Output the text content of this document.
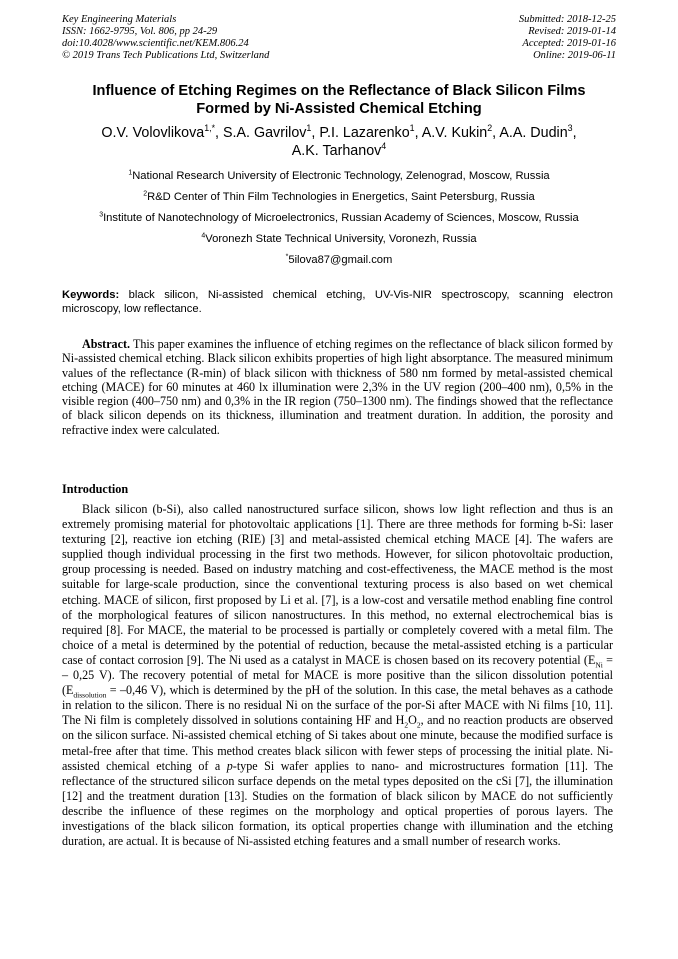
Key Engineering Materials
ISSN: 1662-9795, Vol. 806, pp 24-29
doi:10.4028/www.scientific.net/KEM.806.24
© 2019 Trans Tech Publications Ltd, Switzerland
Submitted: 2018-12-25
Revised: 2019-01-14
Accepted: 2019-01-16
Online: 2019-06-11
Influence of Etching Regimes on the Reflectance of Black Silicon Films
Formed by Ni-Assisted Chemical Etching
O.V. Volovlikova$^{1,*}$, S.A. Gavrilov$^1$, P.I. Lazarenko$^1$, A.V. Kukin$^2$, A.A. Dudin$^3$,
A.K. Tarhanov$^4$
$^1$National Research University of Electronic Technology, Zelenograd, Moscow, Russia
$^2$R&D Center of Thin Film Technologies in Energetics, Saint Petersburg, Russia
$^3$Institute of Nanotechnology of Microelectronics, Russian Academy of Sciences, Moscow, Russia
$^4$Voronezh State Technical University, Voronezh, Russia
*5ilova87@gmail.com
Keywords: black silicon, Ni-assisted chemical etching, UV-Vis-NIR spectroscopy, scanning electron microscopy, low reflectance.
Abstract. This paper examines the influence of etching regimes on the reflectance of black silicon formed by Ni-assisted chemical etching. Black silicon exhibits properties of high light absorptance. The measured minimum values of the reflectance (R-min) of black silicon with thickness of 580 nm formed by metal-assisted chemical etching (MACE) for 60 minutes at 460 lx illumination were 2,3% in the UV region (200–400 nm), 0,5% in the visible region (400–750 nm) and 0,3% in the IR region (750–1300 nm). The findings showed that the reflectance of black silicon depends on its thickness, illumination and treatment duration. In addition, the porosity and refractive index were calculated.
Introduction
Black silicon (b-Si), also called nanostructured surface silicon, shows low light reflection and thus is an extremely promising material for photovoltaic applications [1]. There are three methods for forming b-Si: laser texturing [2], reactive ion etching (RIE) [3] and metal-assisted chemical etching MACE [4]. The wafers are supplied though individual processing in the first two methods. However, for silicon photovoltaic production, group processing is needed. Based on industry matching and cost-effectiveness, the MACE method is the most suitable for large-scale production, since the conventional texturing process is also based on wet chemical etching. MACE of silicon, first proposed by Li et al. [7], is a low-cost and versatile method enabling fine control of the morphological features of silicon nanostructures. In this method, no external electrochemical bias is required [8]. For MACE, the material to be processed is partially or completely covered with a metal film. The choice of a metal is determined by the potential of reduction, because the metal-assisted etching is a particular case of contact corrosion [9]. The Ni used as a catalyst in MACE is chosen based on its recovery potential ($E_{Ni}$ = – 0,25 V). The recovery potential of metal for MACE is more positive than the silicon dissolution potential ($E_{dissolution} = -0,46$ V), which is determined by the pH of the solution. In this case, the metal behaves as a cathode in relation to the silicon. There is no residual Ni on the surface of the por-Si after MACE with Ni films [10, 11]. The Ni film is completely dissolved in solutions containing HF and $H_2O_2$, and no reaction products are observed on the silicon surface. Ni-assisted chemical etching of Si takes about one minute, because the modified surface is metal-free after that time. This method creates black silicon with fewer steps of processing the initial plate. Ni-assisted chemical etching of a p-type Si wafer applies to nano- and microstructures formation [11]. The reflectance of the structured silicon surface depends on the metal types deposited on the cSi [7], the illumination [12] and the treatment duration [13]. Studies on the formation of black silicon by MACE do not sufficiently describe the influence of these regimes on the morphology and optical properties of porous layers. The investigations of the black silicon formation, its optical properties change with illumination and the etching duration, are actual. It is because of Ni-assisted etching features and a small number of research works.
